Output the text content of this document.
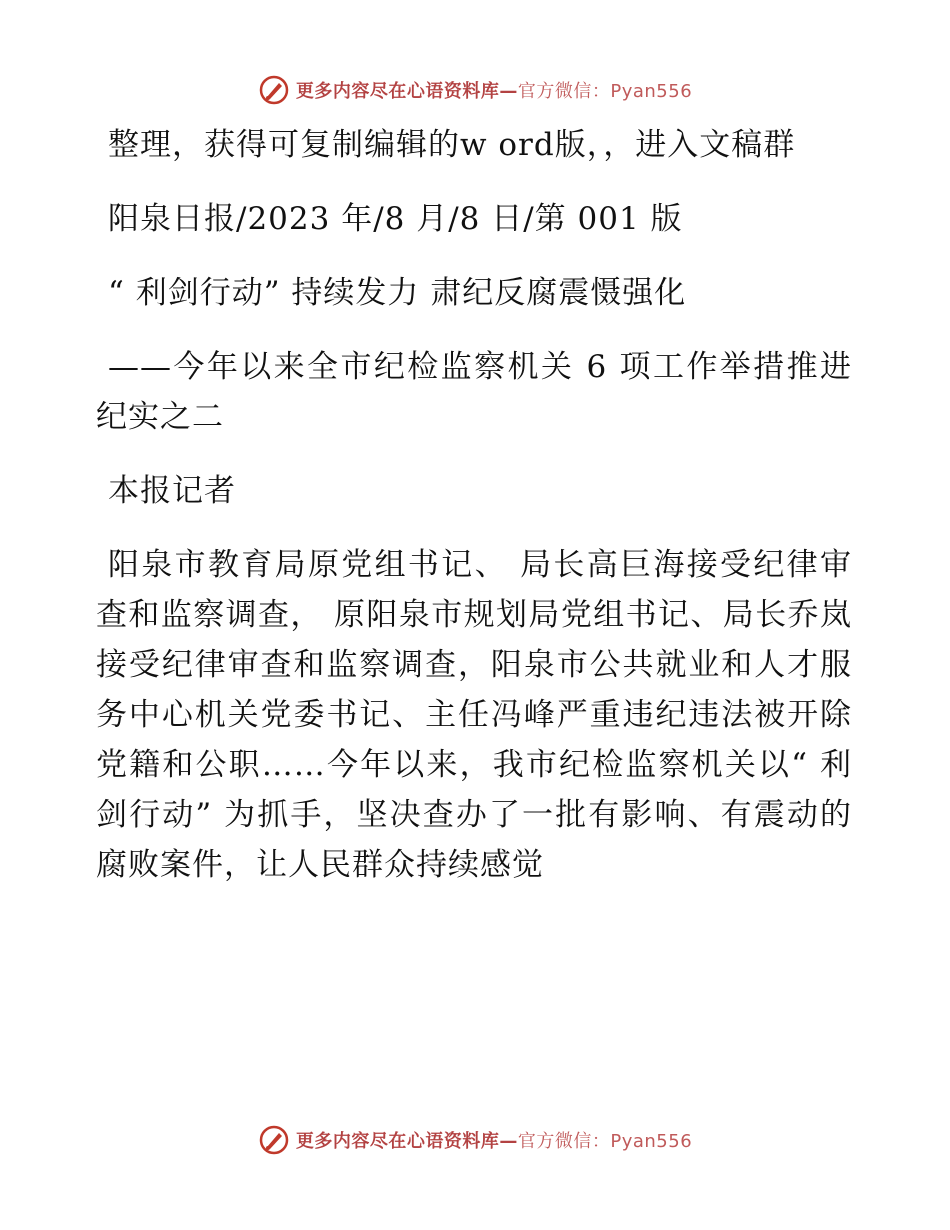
更多内容尽在心语资料库—官方微信：Pyan556

整理，获得可复制编辑的w ord版，，进入文稿群

阳泉日报/2023 年/8 月/8 日/第 001 版

“ 利剑行动” 持续发力 肃纪反腐震慑强化

——今年以来全市纪检监察机关 6 项工作举措推进纪实之二

本报记者

阳泉市教育局原党组书记、 局长高巨海接受纪律审查和监察调查， 原阳泉市规划局党组书记、局长乔岚接受纪律审查和监察调查，阳泉市公共就业和人才服务中心机关党委书记、主任冯峰严重违纪违法被开除党籍和公职……今年以来，我市纪检监察机关以“ 利剑行动” 为抓手，坚决查办了一批有影响、有震动的腐败案件，让人民群众持续感觉

更多内容尽在心语资料库—官方微信：Pyan556
